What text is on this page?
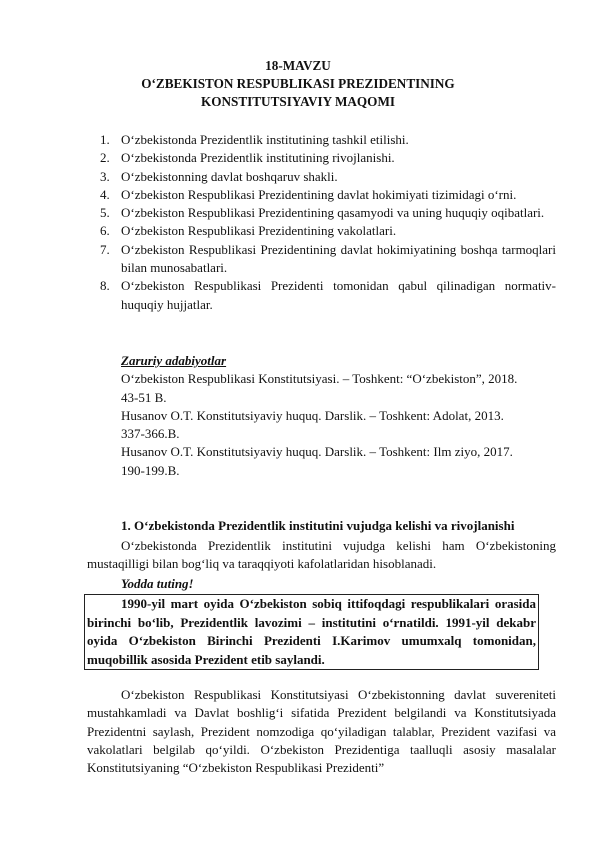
18-MAVZU
O‘ZBEKISTON RESPUBLIKASI PREZIDENTINING
KONSTITUTSIYAVIY MAQOMI
1. O‘zbekistonda Prezidentlik institutining tashkil etilishi.
2. O‘zbekistonda Prezidentlik institutining rivojlanishi.
3. O‘zbekistonning davlat boshqaruv shakli.
4. O‘zbekiston Respublikasi Prezidentining davlat hokimiyati tizimidagi o‘rni.
5. O‘zbekiston Respublikasi Prezidentining qasamyodi va uning huquqiy oqibatlari.
6. O‘zbekiston Respublikasi Prezidentining vakolatlari.
7. O‘zbekiston Respublikasi Prezidentining davlat hokimiyatining boshqa tarmoqlari bilan munosabatlari.
8. O‘zbekiston Respublikasi Prezidenti tomonidan qabul qilinadigan normativ-huquqiy hujjatlar.
Zaruriy adabiyotlar
O‘zbekiston Respublikasi Konstitutsiyasi. – Toshkent: “O‘zbekiston”, 2018.
43-51 B.
Husanov O.T. Konstitutsiyaviy huquq. Darslik. – Toshkent: Adolat, 2013.
337-366.B.
Husanov O.T. Konstitutsiyaviy huquq. Darslik. – Toshkent: Ilm ziyo, 2017.
190-199.B.
1. O‘zbekistonda Prezidentlik institutini vujudga kelishi va rivojlanishi
O‘zbekistonda Prezidentlik institutini vujudga kelishi ham O‘zbekistoning mustaqilligi bilan bog‘liq va taraqqiyoti kafolatlaridan hisoblanadi.
Yodda tuting!
1990-yil mart oyida O‘zbekiston sobiq ittifoqdagi respublikalari orasida birinchi bo‘lib, Prezidentlik lavozimi – institutini o‘rnatildi. 1991-yil dekabr oyida O‘zbekiston Birinchi Prezidenti I.Karimov umumxalq tomonidan, muqobillik asosida Prezident etib saylandi.
O‘zbekiston Respublikasi Konstitutsiyasi O‘zbekistonning davlat suvereniteti mustahkamladi va Davlat boshlig‘i sifatida Prezident belgilandi va Konstitutsiyada Prezidentni saylash, Prezident nomzodiga qo‘yiladigan talablar, Prezident vazifasi va vakolatlari belgilab qo‘yildi. O‘zbekiston Prezidentiga taalluqli asosiy masalalar Konstitutsiyaning “O‘zbekiston Respublikasi Prezidenti”
